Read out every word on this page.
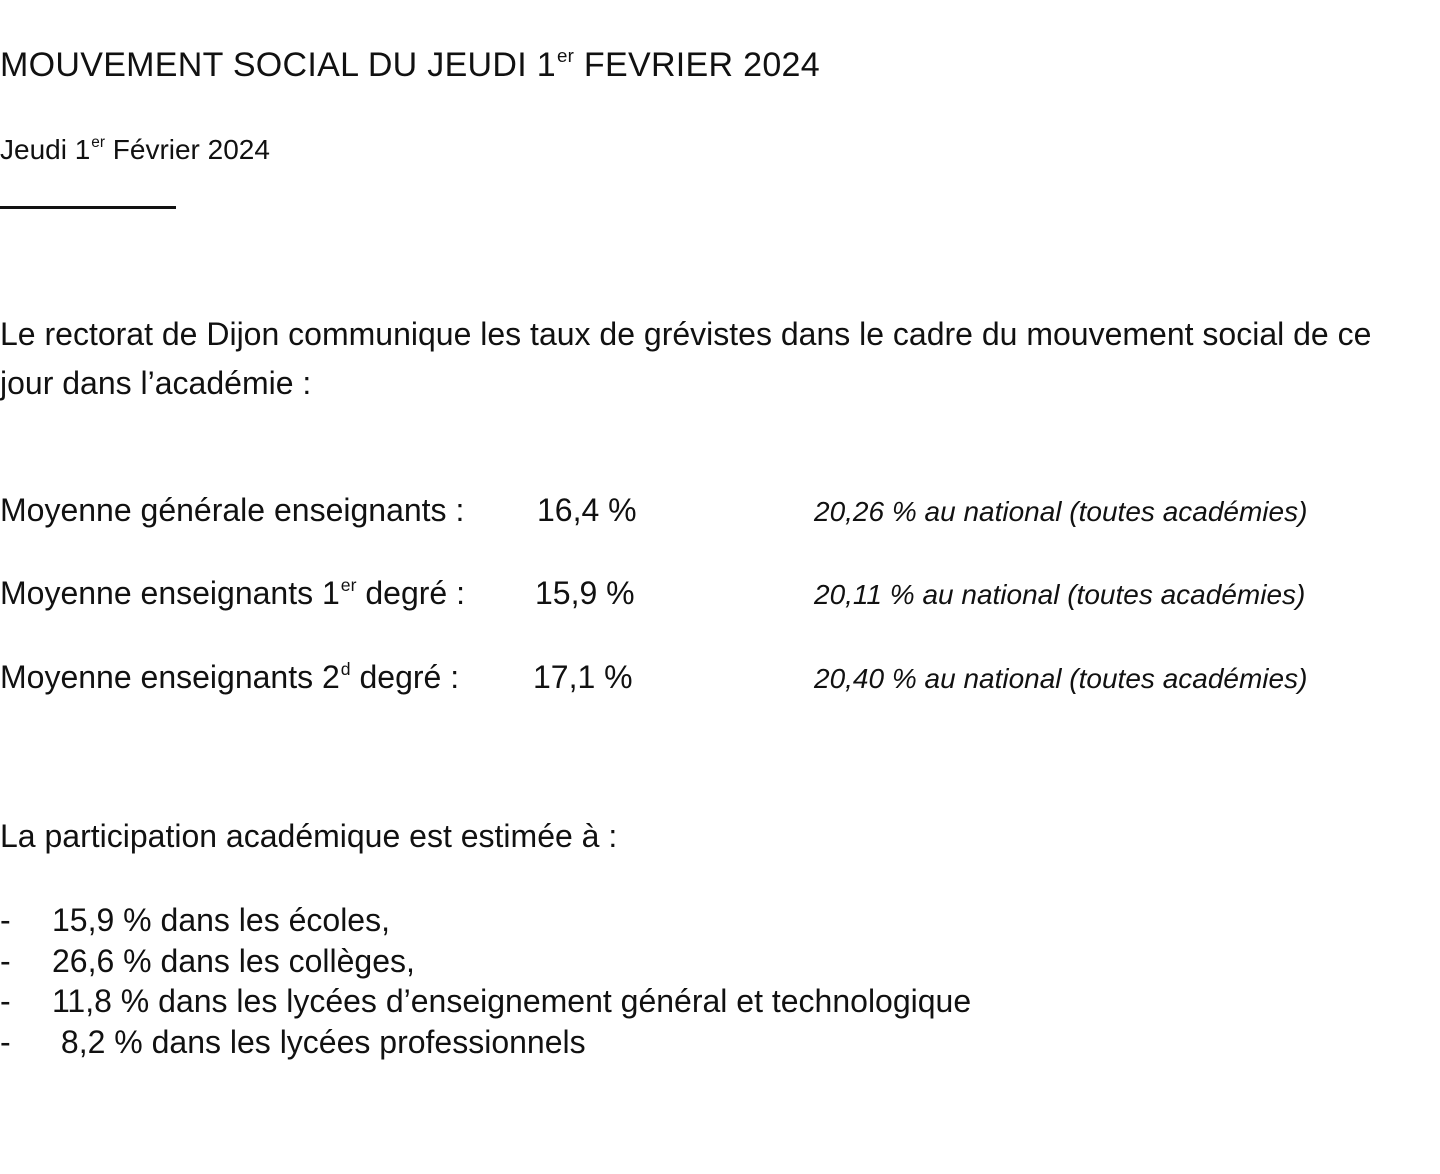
MOUVEMENT SOCIAL DU JEUDI 1er FEVRIER 2024
Jeudi 1er Février 2024
Le rectorat de Dijon communique les taux de grévistes dans le cadre du mouvement social de ce jour dans l’académie :
Moyenne générale enseignants : 16,4 %	20,26 % au national (toutes académies)
Moyenne enseignants 1er degré : 15,9 %	20,11 % au national (toutes académies)
Moyenne enseignants 2$^d$ degré : 17,1 %	20,40 % au national (toutes académies)
La participation académique est estimée à :
- 15,9 % dans les écoles,
- 26,6 % dans les collèges,
- 11,8 % dans les lycées d’enseignement général et technologique
- 8,2 % dans les lycées professionnels
